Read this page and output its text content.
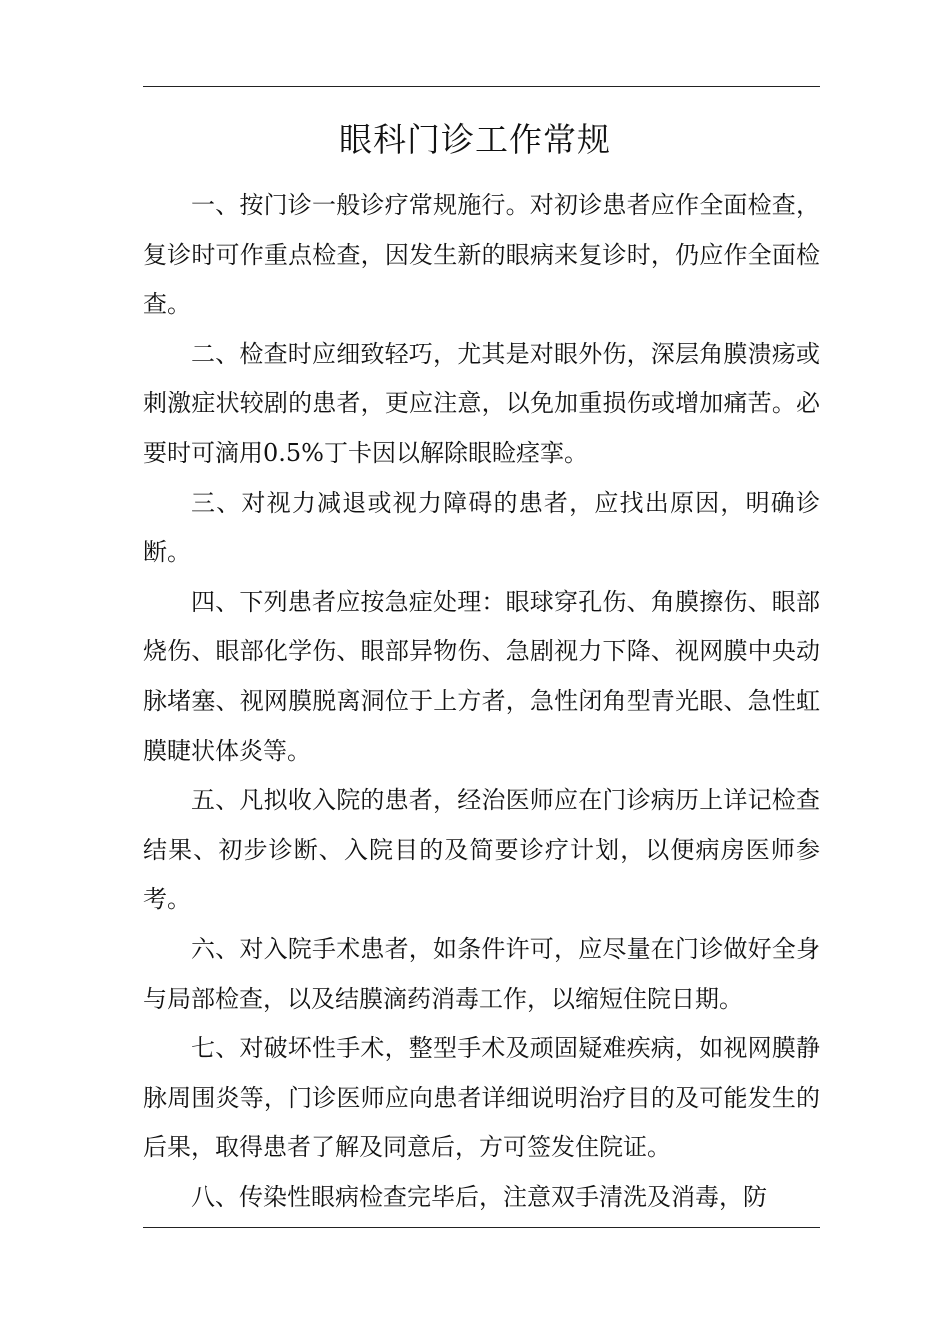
眼科门诊工作常规

一、按门诊一般诊疗常规施行。对初诊患者应作全面检查，复诊时可作重点检查，因发生新的眼病来复诊时，仍应作全面检查。

二、检查时应细致轻巧，尤其是对眼外伤，深层角膜溃疡或刺激症状较剧的患者，更应注意，以免加重损伤或增加痛苦。必要时可滴用0.5%丁卡因以解除眼睑痉挛。

三、对视力减退或视力障碍的患者，应找出原因，明确诊断。

四、下列患者应按急症处理：眼球穿孔伤、角膜擦伤、眼部烧伤、眼部化学伤、眼部异物伤、急剧视力下降、视网膜中央动脉堵塞、视网膜脱离洞位于上方者，急性闭角型青光眼、急性虹膜睫状体炎等。

五、凡拟收入院的患者，经治医师应在门诊病历上详记检查结果、初步诊断、入院目的及简要诊疗计划，以便病房医师参考。

六、对入院手术患者，如条件许可，应尽量在门诊做好全身与局部检查，以及结膜滴药消毒工作，以缩短住院日期。

七、对破坏性手术，整型手术及顽固疑难疾病，如视网膜静脉周围炎等，门诊医师应向患者详细说明治疗目的及可能发生的后果，取得患者了解及同意后，方可签发住院证。

八、传染性眼病检查完毕后，注意双手清洗及消毒，防
